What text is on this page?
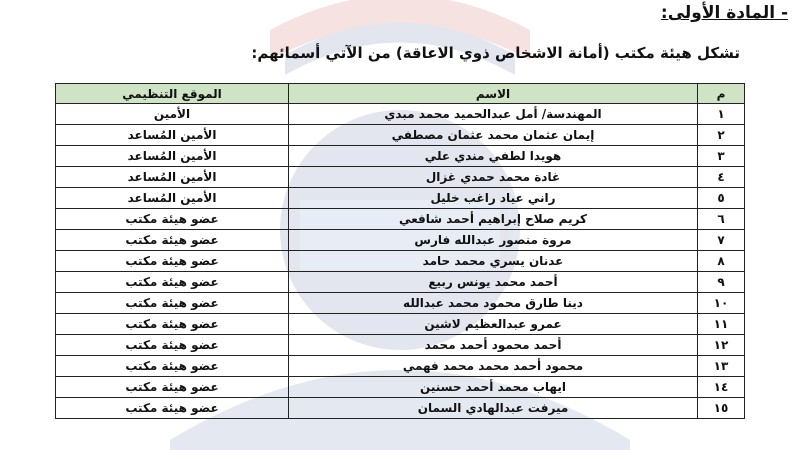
- المادة الأولى:
تشكل هيئة مكتب (أمانة الاشخاص ذوي الاعاقة) من الآتي أسمائهم:
م	الاسم	الموقع التنظيمي
١	المهندسة/ أمل عبدالحميد محمد مبدي	الأمين
٢	إيمان عثمان محمد عثمان مصطفي	الأمين المُساعد
٣	هويدا لطفي مندي علي	الأمين المُساعد
٤	غادة محمد حمدي غزال	الأمين المُساعد
٥	راني عياد راغب خليل	الأمين المُساعد
٦	كريم صلاح إبراهيم أحمد شافعي	عضو هيئة مكتب
٧	مروة منصور عبدالله فارس	عضو هيئة مكتب
٨	عدنان يسري محمد حامد	عضو هيئة مكتب
٩	أحمد محمد يونس ربيع	عضو هيئة مكتب
١٠	دينا طارق محمود محمد عبدالله	عضو هيئة مكتب
١١	عمرو عبدالعظيم لاشين	عضو هيئة مكتب
١٢	أحمد محمود أحمد محمد	عضو هيئة مكتب
١٣	محمود أحمد محمد محمد فهمي	عضو هيئة مكتب
١٤	ايهاب محمد أحمد حسنين	عضو هيئة مكتب
١٥	ميرفت عبدالهادي السمان	عضو هيئة مكتب
